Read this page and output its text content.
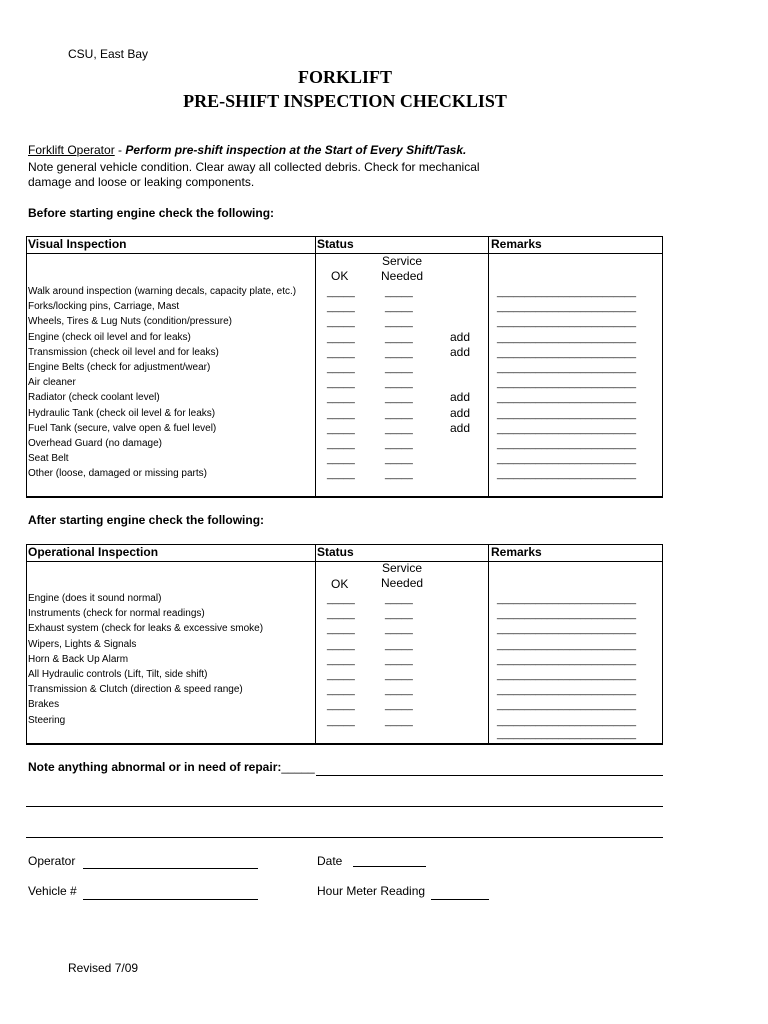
CSU, East Bay
FORKLIFT
PRE-SHIFT INSPECTION CHECKLIST
Forklift Operator - Perform pre-shift inspection at the Start of Every Shift/Task.
Note general vehicle condition. Clear away all collected debris. Check for mechanical
damage and loose or leaking components.
Before starting engine check the following:
Visual Inspection	Status	Remarks
OK
Service
Needed
Walk around inspection (warning decals, capacity plate, etc.)	_____	_____	_________________________
Forks/locking pins, Carriage, Mast	_____	_____	_________________________
Wheels, Tires & Lug Nuts (condition/pressure)	_____	_____	_________________________
Engine (check oil level and for leaks)	_____	_____	add	_________________________
Transmission (check oil level and for leaks)	_____	_____	add	_________________________
Engine Belts (check for adjustment/wear)	_____	_____	_________________________
Air cleaner	_____	_____	_________________________
Radiator (check coolant level)	_____	_____	add	_________________________
Hydraulic Tank (check oil level & for leaks)	_____	_____	add	_________________________
Fuel Tank (secure, valve open & fuel level)	_____	_____	add	_________________________
Overhead Guard (no damage)	_____	_____	_________________________
Seat Belt	_____	_____	_________________________
Other (loose, damaged or missing parts)	_____	_____	_________________________
After starting engine check the following:
Operational Inspection	Status	Remarks
OK
Service
Needed
Engine (does it sound normal)	_____	_____	_________________________
Instruments (check for normal readings)	_____	_____	_________________________
Exhaust system (check for leaks & excessive smoke)	_____	_____	_________________________
Wipers, Lights & Signals	_____	_____	_________________________
Horn & Back Up Alarm	_____	_____	_________________________
All Hydraulic controls (Lift, Tilt, side shift)	_____	_____	_________________________
Transmission & Clutch (direction & speed range)	_____	_____	_________________________
Brakes	_____	_____	_________________________
Steering	_____	_____	_________________________
_________________________
Note anything abnormal or in need of repair:_____
Operator	Date
Vehicle #	Hour Meter Reading
Revised 7/09
